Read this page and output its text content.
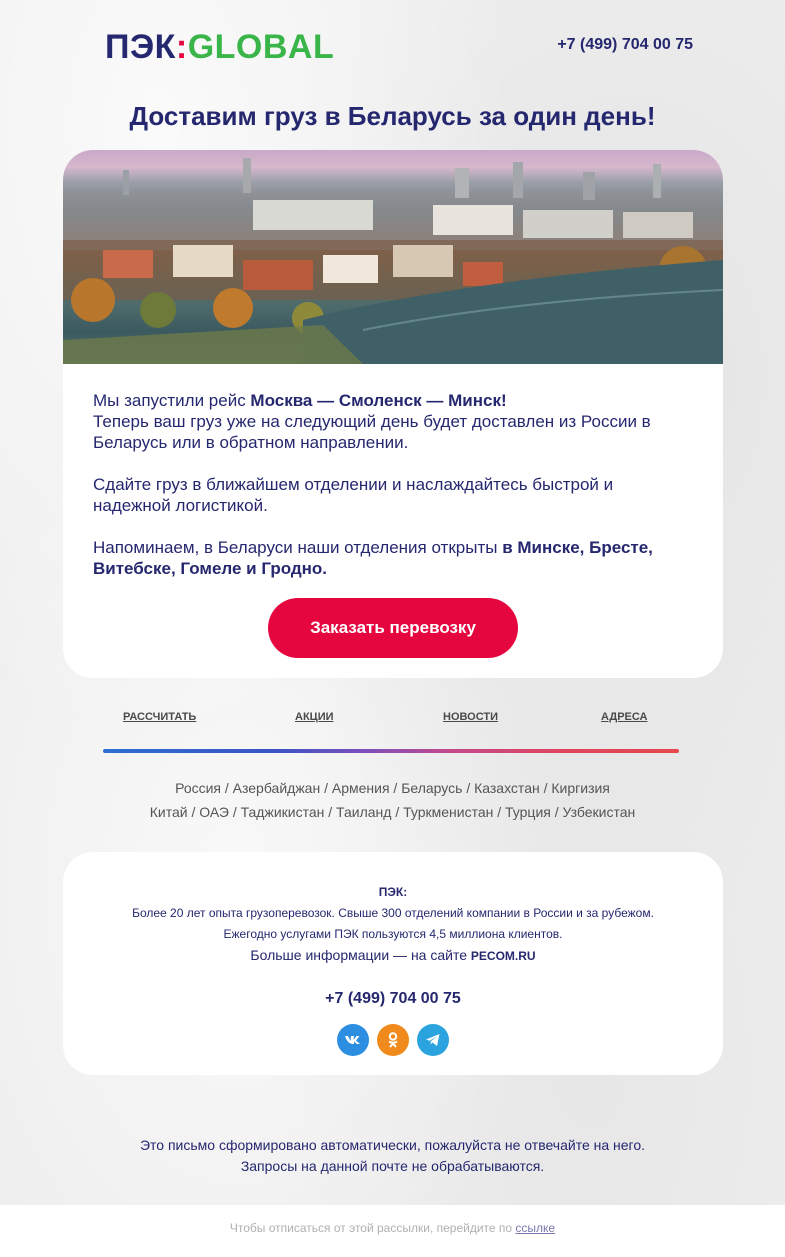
ПЭК:GLOBAL	+7 (499) 704 00 75
Доставим груз в Беларусь за один день!

Мы запустили рейс Москва — Смоленск — Минск!
Теперь ваш груз уже на следующий день будет доставлен из России в Беларусь или в обратном направлении.

Сдайте груз в ближайшем отделении и наслаждайтесь быстрой и надежной логистикой.

Напоминаем, в Беларуси наши отделения открыты в Минске, Бресте, Витебске, Гомеле и Гродно.

Заказать перевозку
РАССЧИТАТЬ	АКЦИИ	НОВОСТИ	АДРЕСА
Россия / Азербайджан / Армения / Беларусь / Казахстан / Киргизия
Китай / ОАЭ / Таджикистан / Таиланд / Туркменистан / Турция / Узбекистан
ПЭК:
Более 20 лет опыта грузоперевозок. Свыше 300 отделений компании в России и за рубежом.
Ежегодно услугами ПЭК пользуются 4,5 миллиона клиентов.
Больше информации — на сайте PECOM.RU
+7 (499) 704 00 75
Это письмо сформировано автоматически, пожалуйста не отвечайте на него.
Запросы на данной почте не обрабатываются.
Чтобы отписаться от этой рассылки, перейдите по ссылке
